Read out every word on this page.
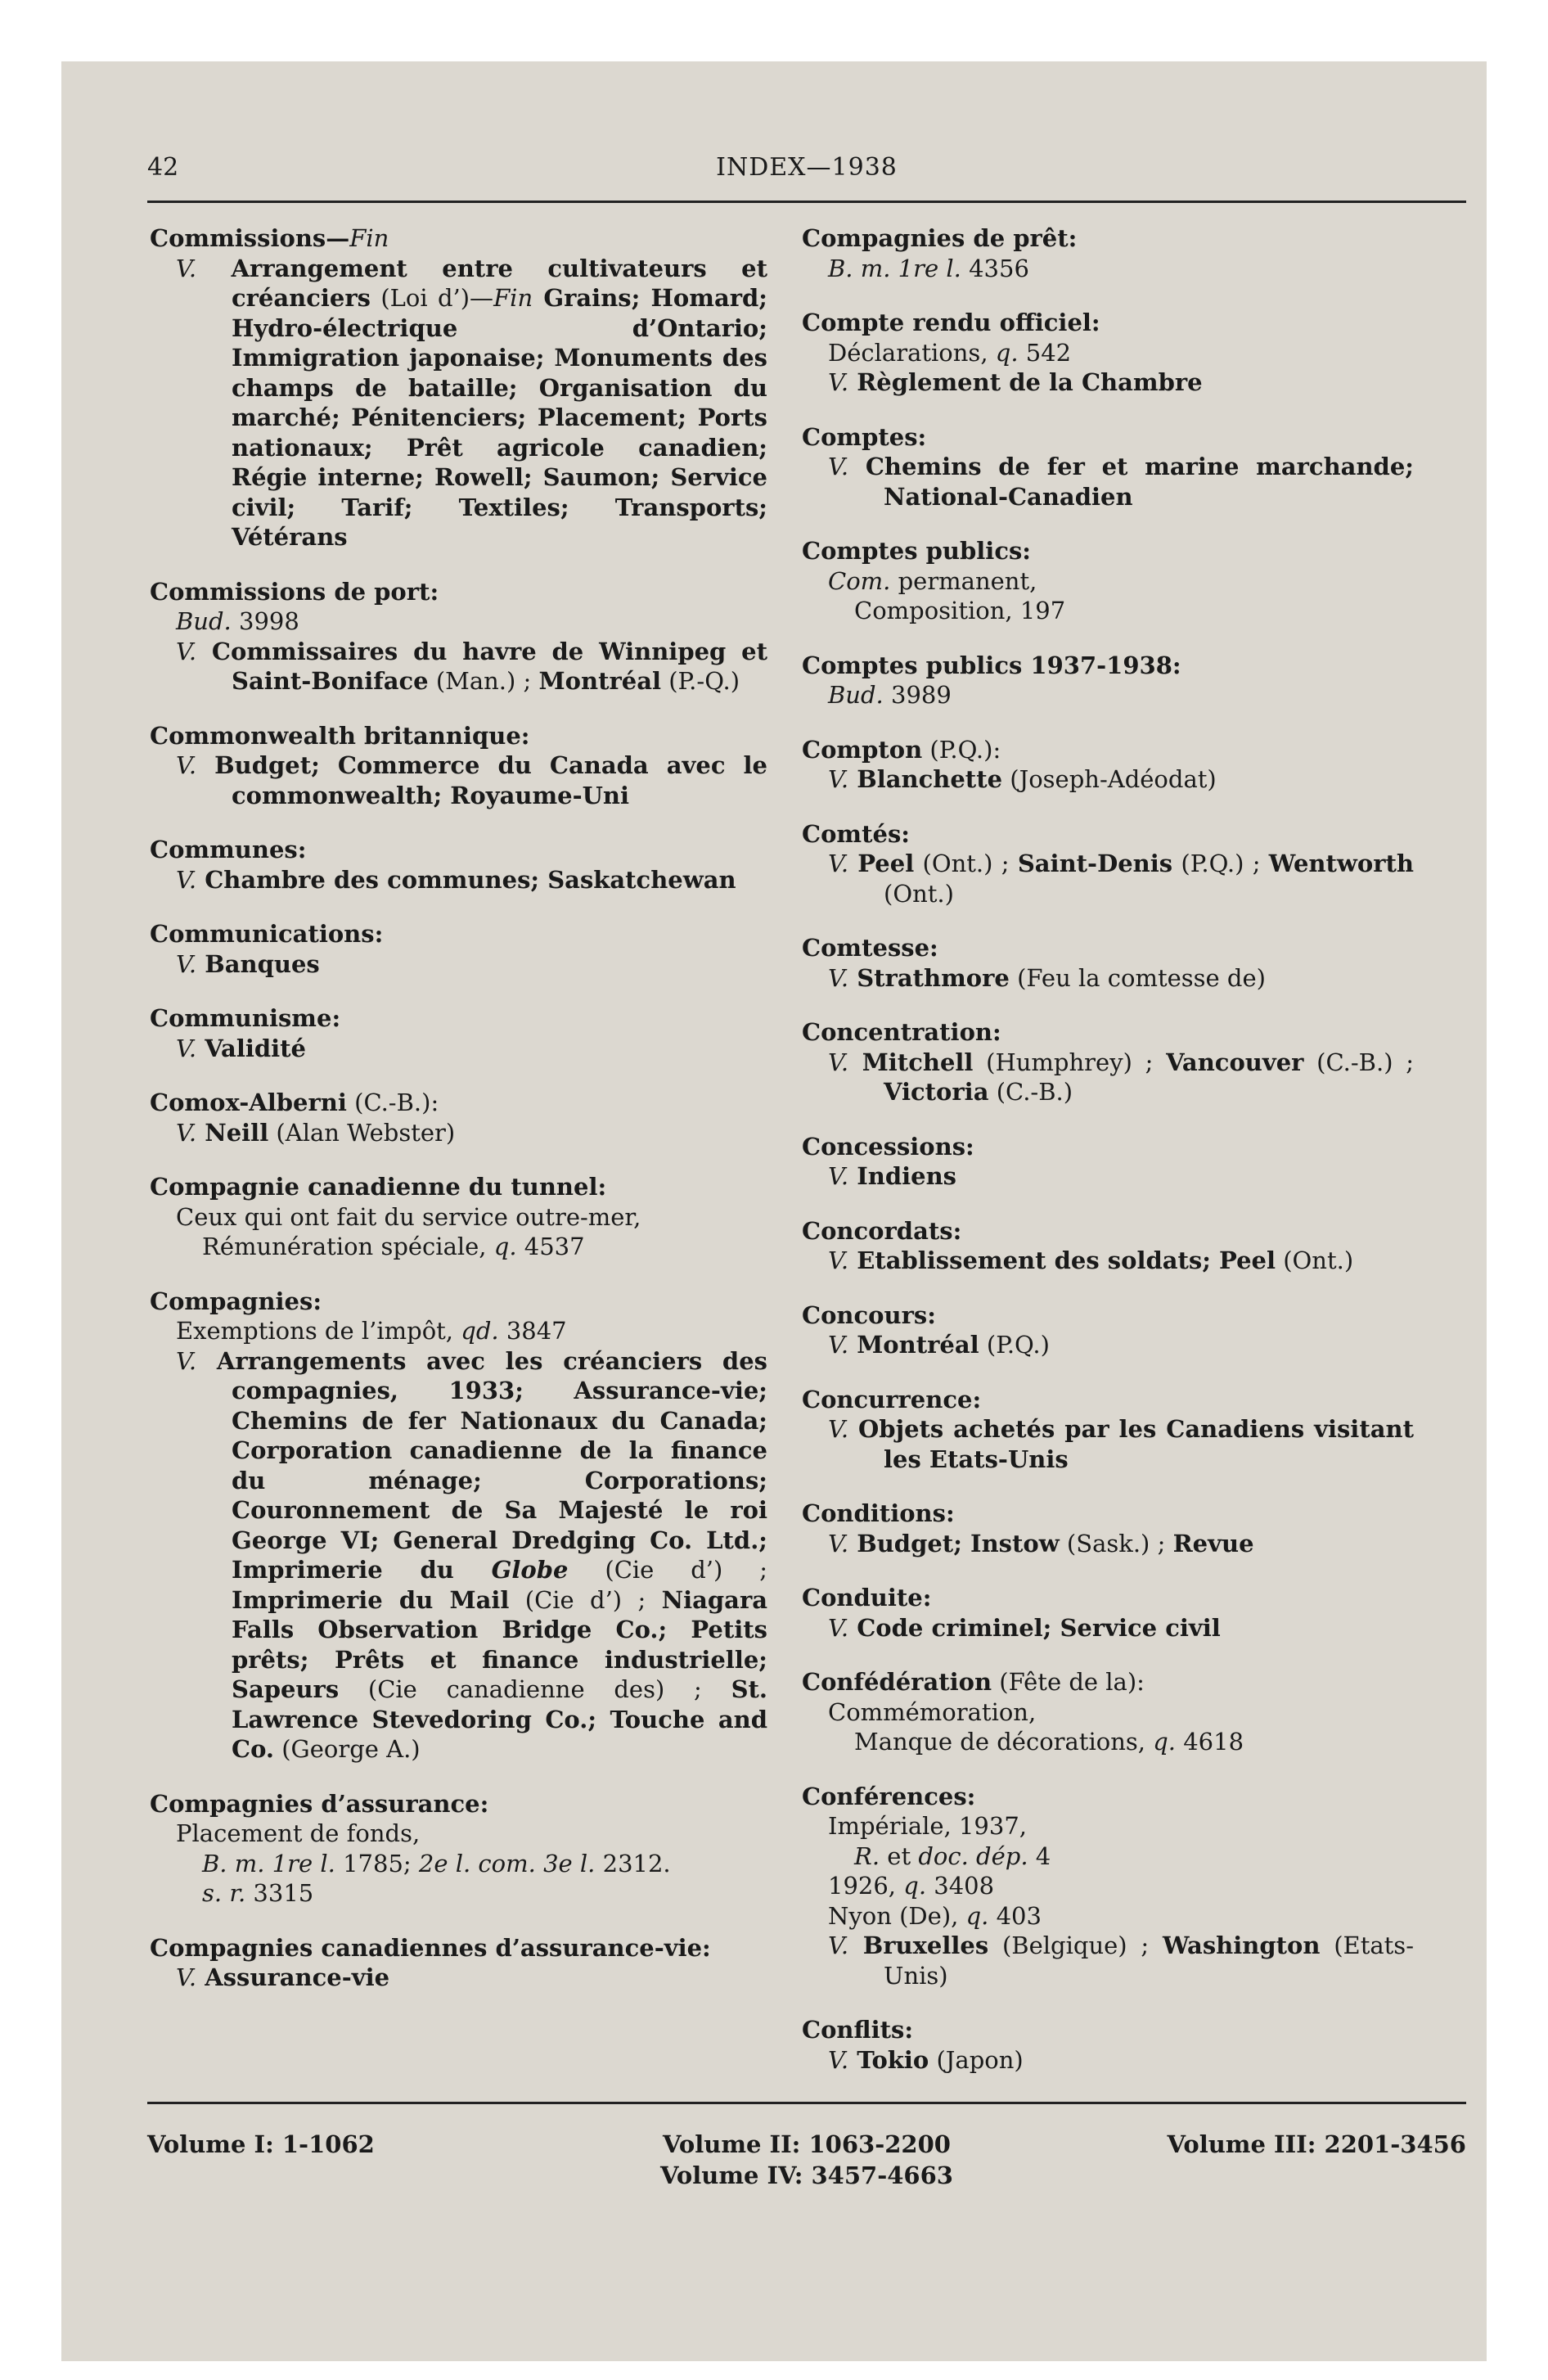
42	INDEX—1938
Commissions—Fin
V. Arrangement entre cultivateurs et créanciers (Loi d’)—Fin Grains; Homard; Hydro-électrique d’Ontario; Immigration japonaise; Monuments des champs de bataille; Organisation du marché; Pénitenciers; Placement; Ports nationaux; Prêt agricole canadien; Régie interne; Rowell; Saumon; Service civil; Tarif; Textiles; Transports; Vétérans
Commissions de port:
Bud. 3998
V. Commissaires du havre de Winnipeg et Saint-Boniface (Man.) ; Montréal (P.-Q.)
Commonwealth britannique:
V. Budget; Commerce du Canada avec le commonwealth; Royaume-Uni
Communes:
V. Chambre des communes; Saskatchewan
Communications:
V. Banques
Communisme:
V. Validité
Comox-Alberni (C.-B.):
V. Neill (Alan Webster)
Compagnie canadienne du tunnel:
Ceux qui ont fait du service outre-mer,
Rémunération spéciale, q. 4537
Compagnies:
Exemptions de l’impôt, qd. 3847
V. Arrangements avec les créanciers des compagnies, 1933; Assurance-vie; Chemins de fer Nationaux du Canada; Corporation canadienne de la finance du ménage; Corporations; Couronnement de Sa Majesté le roi George VI; General Dredging Co. Ltd.; Imprimerie du Globe (Cie d’) ; Imprimerie du Mail (Cie d’) ; Niagara Falls Observation Bridge Co.; Petits prêts; Prêts et finance industrielle; Sapeurs (Cie canadienne des) ; St. Lawrence Stevedoring Co.; Touche and Co. (George A.)
Compagnies d’assurance:
Placement de fonds,
B. m. 1re l. 1785; 2e l. com. 3e l. 2312.
s. r. 3315
Compagnies canadiennes d’assurance-vie:
V. Assurance-vie
Compagnies de prêt:
B. m. 1re l. 4356
Compte rendu officiel:
Déclarations, q. 542
V. Règlement de la Chambre
Comptes:
V. Chemins de fer et marine marchande; National-Canadien
Comptes publics:
Com. permanent,
Composition, 197
Comptes publics 1937-1938:
Bud. 3989
Compton (P.Q.):
V. Blanchette (Joseph-Adéodat)
Comtés:
V. Peel (Ont.) ; Saint-Denis (P.Q.) ; Wentworth (Ont.)
Comtesse:
V. Strathmore (Feu la comtesse de)
Concentration:
V. Mitchell (Humphrey) ; Vancouver (C.-B.) ; Victoria (C.-B.)
Concessions:
V. Indiens
Concordats:
V. Etablissement des soldats; Peel (Ont.)
Concours:
V. Montréal (P.Q.)
Concurrence:
V. Objets achetés par les Canadiens visitant les Etats-Unis
Conditions:
V. Budget; Instow (Sask.) ; Revue
Conduite:
V. Code criminel; Service civil
Confédération (Fête de la):
Commémoration,
Manque de décorations, q. 4618
Conférences:
Impériale, 1937,
R. et doc. dép. 4
1926, q. 3408
Nyon (De), q. 403
V. Bruxelles (Belgique) ; Washington (Etats-Unis)
Conflits:
V. Tokio (Japon)
Volume I: 1-1062	Volume II: 1063-2200	Volume III: 2201-3456
Volume IV: 3457-4663
